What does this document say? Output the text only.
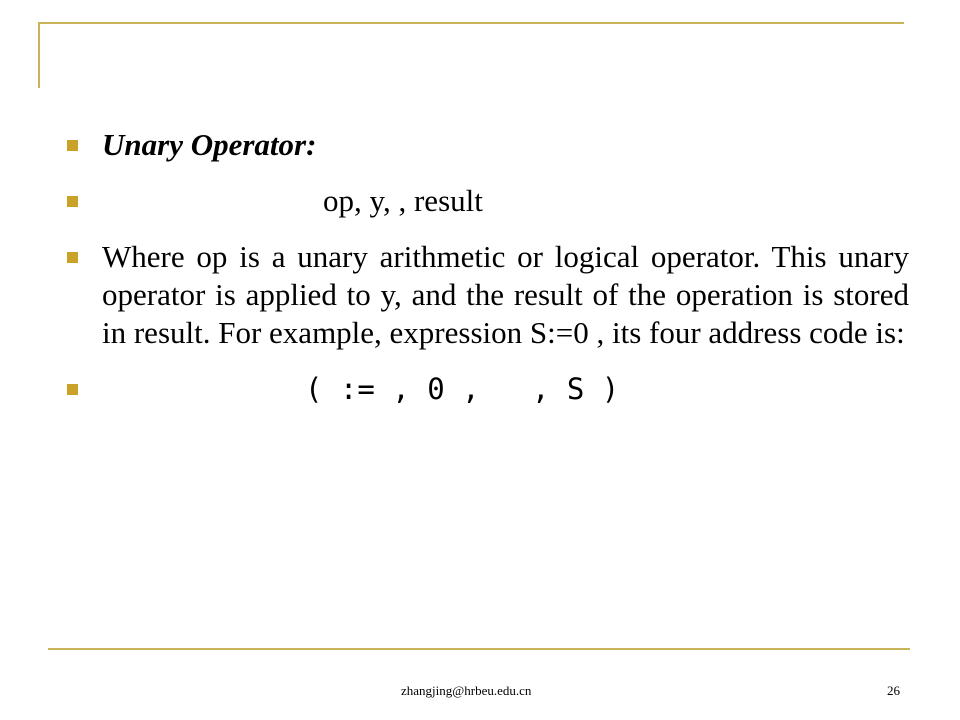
Unary Operator:
op, y, , result
Where op is a unary arithmetic or logical operator. This unary operator is applied to y, and the result of the operation is stored in result. For example, expression S:=0 , its four address code is:
( := , 0 ,   , S )
zhangjing@hrbeu.edu.cn	26
